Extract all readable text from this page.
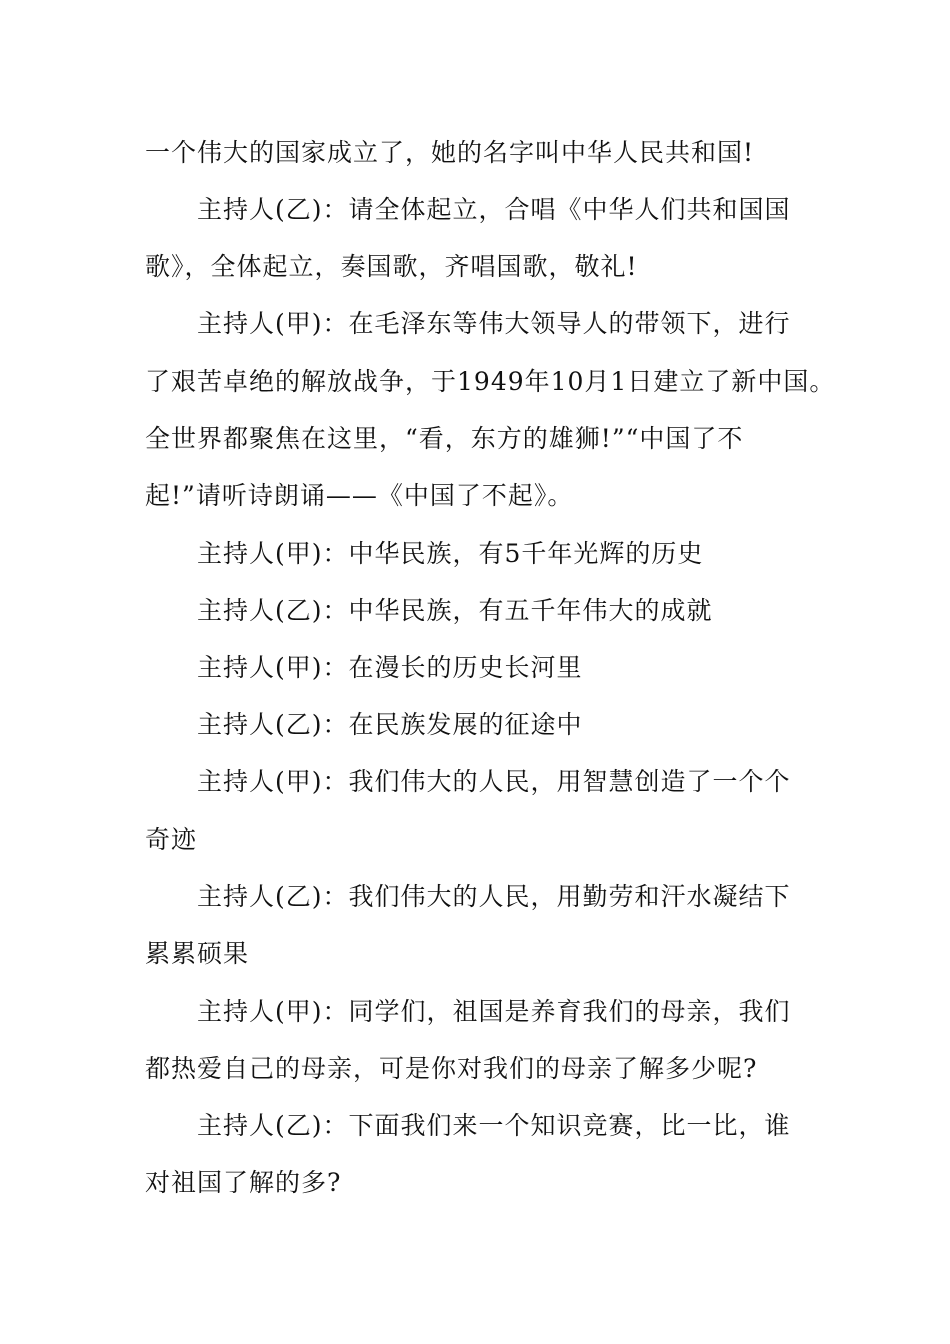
一个伟大的国家成立了，她的名字叫中华人民共和国!
主持人(乙)：请全体起立，合唱《中华人们共和国国
歌》，全体起立，奏国歌，齐唱国歌，敬礼!
主持人(甲)：在毛泽东等伟大领导人的带领下，进行
了艰苦卓绝的解放战争，于1949年10月1日建立了新中国。
全世界都聚焦在这里，“看，东方的雄狮!”“中国了不
起!”请听诗朗诵——《中国了不起》。
主持人(甲)：中华民族，有5千年光辉的历史
主持人(乙)：中华民族，有五千年伟大的成就
主持人(甲)：在漫长的历史长河里
主持人(乙)：在民族发展的征途中
主持人(甲)：我们伟大的人民，用智慧创造了一个个
奇迹
主持人(乙)：我们伟大的人民，用勤劳和汗水凝结下
累累硕果
主持人(甲)：同学们，祖国是养育我们的母亲，我们
都热爱自己的母亲，可是你对我们的母亲了解多少呢?
主持人(乙)：下面我们来一个知识竞赛，比一比，谁
对祖国了解的多?
